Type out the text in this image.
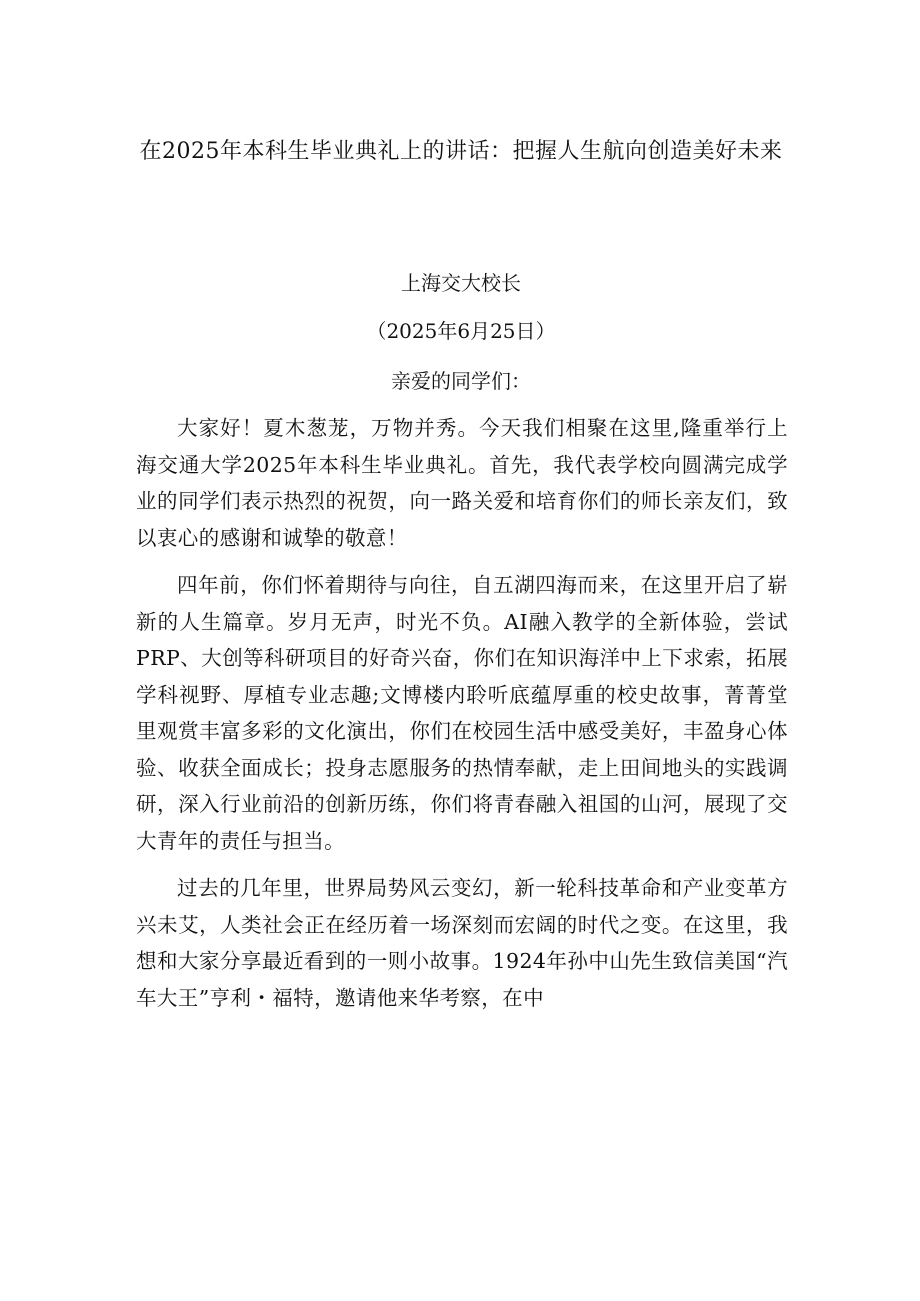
在2025年本科生毕业典礼上的讲话：把握人生航向创造美好未来
上海交大校长
（2025年6月25日）
亲爱的同学们：

大家好！夏木葱茏，万物并秀。今天我们相聚在这里,隆重举行上海交通大学2025年本科生毕业典礼。首先，我代表学校向圆满完成学业的同学们表示热烈的祝贺，向一路关爱和培育你们的师长亲友们，致以衷心的感谢和诚挚的敬意！

四年前，你们怀着期待与向往，自五湖四海而来，在这里开启了崭新的人生篇章。岁月无声，时光不负。AI融入教学的全新体验，尝试PRP、大创等科研项目的好奇兴奋，你们在知识海洋中上下求索，拓展学科视野、厚植专业志趣;文博楼内聆听底蕴厚重的校史故事，菁菁堂里观赏丰富多彩的文化演出，你们在校园生活中感受美好，丰盈身心体验、收获全面成长；投身志愿服务的热情奉献，走上田间地头的实践调研，深入行业前沿的创新历练，你们将青春融入祖国的山河，展现了交大青年的责任与担当。

过去的几年里，世界局势风云变幻，新一轮科技革命和产业变革方兴未艾，人类社会正在经历着一场深刻而宏阔的时代之变。在这里，我想和大家分享最近看到的一则小故事。1924年孙中山先生致信美国“汽车大王”亨利・福特，邀请他来华考察，在中
